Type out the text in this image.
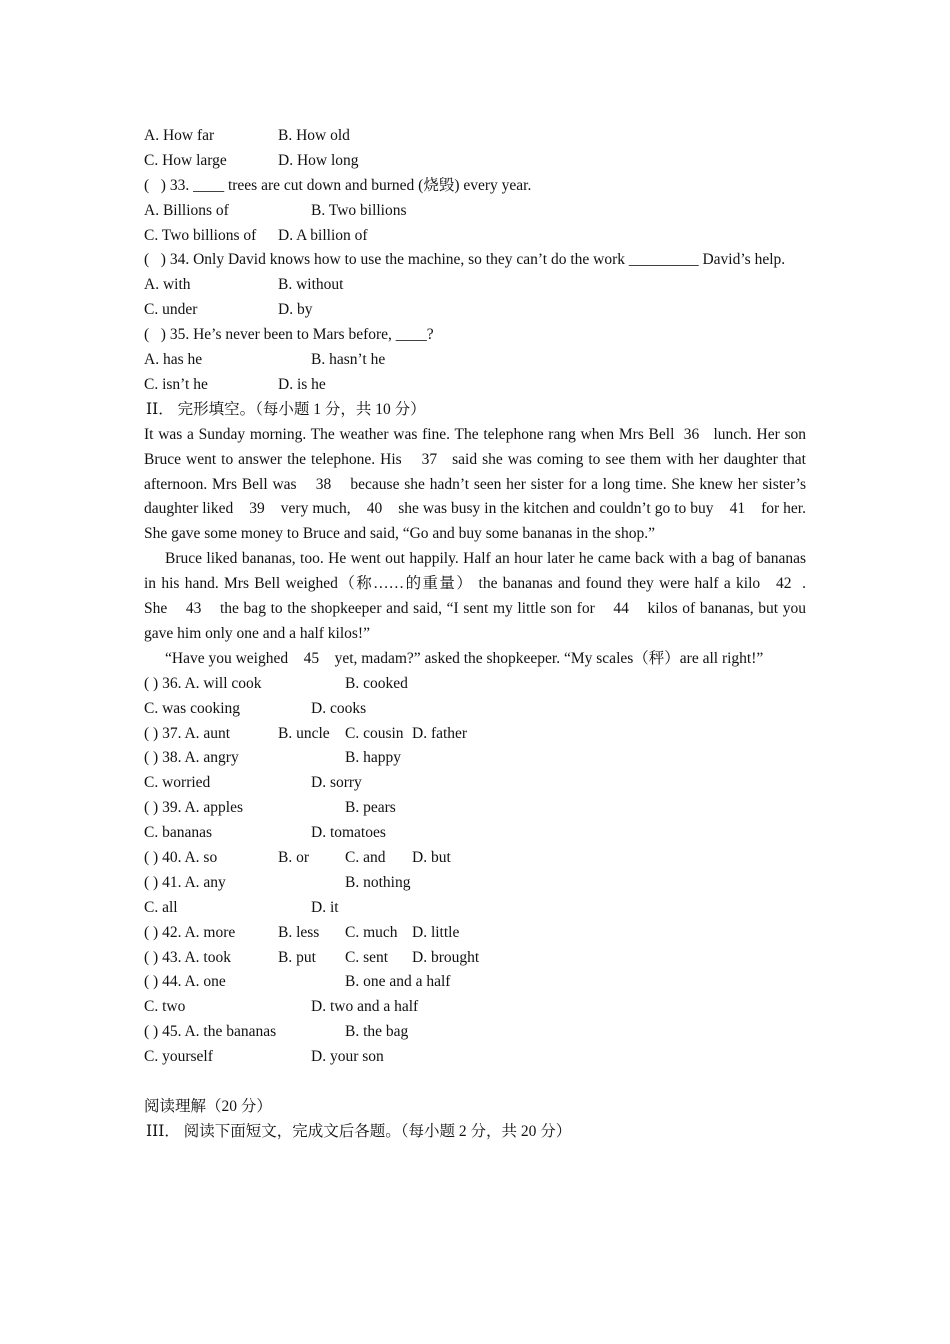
A. How far	B. How old
C. How large	D. How long
(   ) 33. ____ trees are cut down and burned (烧毁) every year.
A. Billions of	B. Two billions
C. Two billions of D. A billion of
(   ) 34. Only David knows how to use the machine, so they can’t do the work _________ David’s help.
A. with	B. without
C. under	D. by
(   ) 35. He’s never been to Mars before, ____?
A. has he	B. hasn’t he
C. isn’t he	D. is he
ⅠⅠ． 完形填空。（每小题 1 分，共 10 分）
It was a Sunday morning. The weather was fine. The telephone rang when Mrs Bell  36   lunch. Her son Bruce went to answer the telephone. His    37   said she was coming to see them with her daughter that afternoon. Mrs Bell was    38    because she hadn’t seen her sister for a long time. She knew her sister’s daughter liked    39    very much,    40    she was busy in the kitchen and couldn’t go to buy    41    for her. She gave some money to Bruce and said, “Go and buy some bananas in the shop.”
Bruce liked bananas, too. He went out happily. Half an hour later he came back with a bag of bananas in his hand. Mrs Bell weighed（称……的重量） the bananas and found they were half a kilo   42  . She    43    the bag to the shopkeeper and said, “I sent my little son for    44    kilos of bananas, but you gave him only one and a half kilos!”
“Have you weighed    45    yet, madam?” asked the shopkeeper. “My scales（秤）are all right!”
( ) 36. A. will cook	B. cooked
C. was cooking	D. cooks
( ) 37. A. aunt	B. uncle C. cousin D. father
( ) 38. A. angry	B. happy
C. worried	D. sorry
( ) 39. A. apples	B. pears
C. bananas	D. tomatoes
( ) 40. A. so	B. or C. and D. but
( ) 41. A. any	B. nothing
C. all	D. it
( ) 42. A. more	B. less C. much D. little
( ) 43. A. took	B. put C. sent D. brought
( ) 44. A. one	B. one and a half
C. two	D. two and a half
( ) 45. A. the bananas	B. the bag
C. yourself	D. your son
阅读理解（20 分）
ⅠⅠⅠ． 阅读下面短文，完成文后各题。（每小题 2 分，共 20 分）
